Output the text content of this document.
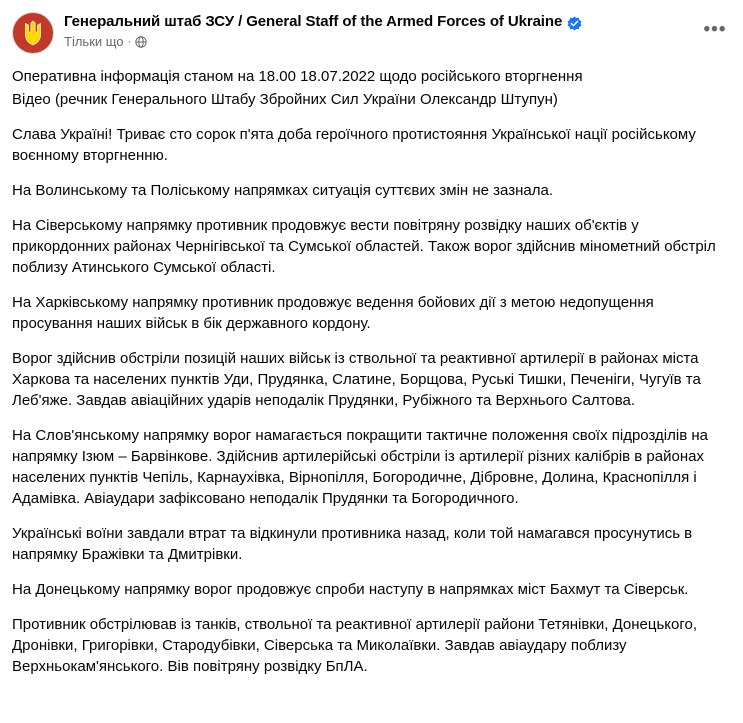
Генеральний штаб ЗСУ / General Staff of the Armed Forces of Ukraine
Тільки що ·
•••

Оперативна інформація станом на 18.00 18.07.2022 щодо російського вторгнення

Відео (речник Генерального Штабу Збройних Сил України Олександр Штупун)

Слава Україні! Триває сто сорок п'ята доба героїчного протистояння Української нації російському воєнному вторгненню.

На Волинському та Поліському напрямках ситуація суттєвих змін не зазнала.

На Сіверському напрямку противник продовжує вести повітряну розвідку наших об'єктів у прикордонних районах Чернігівської та Сумської областей. Також ворог здійснив мінометний обстріл поблизу Атинського Сумської області.

На Харківському напрямку противник продовжує ведення бойових дії з метою недопущення просування наших військ в бік державного кордону.

Ворог здійснив обстріли позицій наших військ із ствольної та реактивної артилерії в районах міста Харкова та населених пунктів Уди, Прудянка, Слатине, Борщова, Руські Тишки, Печеніги, Чугуїв та Леб'яже. Завдав авіаційних ударів неподалік Прудянки, Рубіжного та Верхнього Салтова.

На Слов'янському напрямку ворог намагається покращити тактичне положення своїх підрозділів на напрямку Ізюм – Барвінкове. Здійснив артилерійські обстріли із артилерії різних калібрів в районах населених пунктів Чепіль, Карнаухівка, Вірнопілля, Богородичне, Дібровне, Долина, Краснопілля і Адамівка. Авіаудари зафіксовано неподалік Прудянки та Богородичного.

Українські воїни завдали втрат та відкинули противника назад, коли той намагався просунутись в напрямку Бражівки та Дмитрівки.

На Донецькому напрямку ворог продовжує спроби наступу в напрямках міст Бахмут та Сіверськ.

Противник обстрілював із танків, ствольної та реактивної артилерії райони Тетянівки, Донецького, Дронівки, Григорівки, Стародубівки, Сіверська та Миколаївки. Завдав авіаудару поблизу Верхньокам'янського. Вів повітряну розвідку БпЛА.
